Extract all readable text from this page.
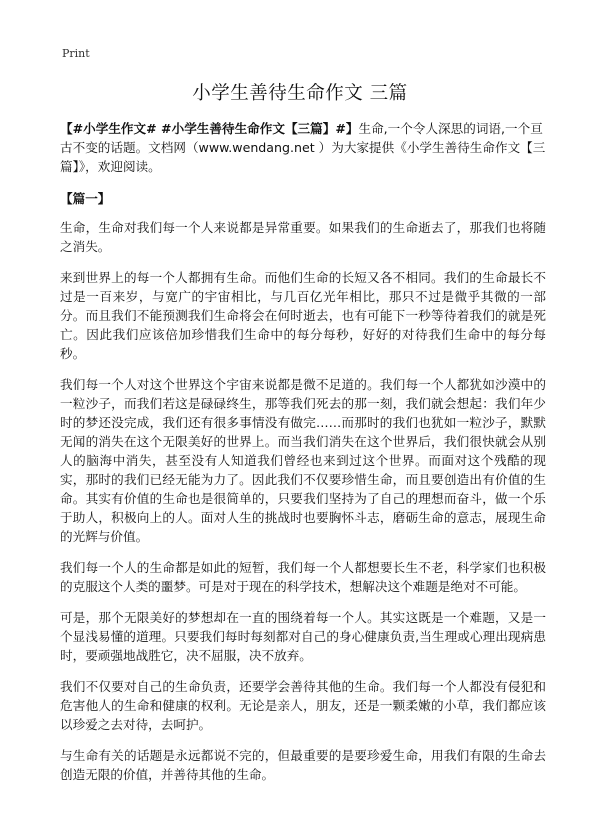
Print
小学生善待生命作文 三篇

【#小学生作文# #小学生善待生命作文【三篇】#】生命,一个令人深思的词语,一个亘古不变的话题。文档网（www.wendang.net ）为大家提供《小学生善待生命作文【三篇】》，欢迎阅读。

【篇一】

生命，生命对我们每一个人来说都是异常重要。如果我们的生命逝去了，那我们也将随之消失。

来到世界上的每一个人都拥有生命。而他们生命的长短又各不相同。我们的生命最长不过是一百来岁，与宽广的宇宙相比，与几百亿光年相比，那只不过是微乎其微的一部分。而且我们不能预测我们生命将会在何时逝去，也有可能下一秒等待着我们的就是死亡。因此我们应该倍加珍惜我们生命中的每分每秒，好好的对待我们生命中的每分每秒。

我们每一个人对这个世界这个宇宙来说都是微不足道的。我们每一个人都犹如沙漠中的一粒沙子，而我们若这是碌碌终生，那等我们死去的那一刻，我们就会想起：我们年少时的梦还没完成，我们还有很多事情没有做完……而那时的我们也犹如一粒沙子，默默无闻的消失在这个无限美好的世界上。而当我们消失在这个世界后，我们很快就会从别人的脑海中消失，甚至没有人知道我们曾经也来到过这个世界。而面对这个残酷的现实，那时的我们已经无能为力了。因此我们不仅要珍惜生命，而且要创造出有价值的生命。其实有价值的生命也是很简单的，只要我们坚持为了自己的理想而奋斗，做一个乐于助人，积极向上的人。面对人生的挑战时也要胸怀斗志，磨砺生命的意志，展现生命的光辉与价值。

我们每一个人的生命都是如此的短暂，我们每一个人都想要长生不老，科学家们也积极的克服这个人类的噩梦。可是对于现在的科学技术，想解决这个难题是绝对不可能。

可是，那个无限美好的梦想却在一直的围绕着每一个人。其实这既是一个难题，又是一个显浅易懂的道理。只要我们每时每刻都对自己的身心健康负责,当生理或心理出现病患时，要顽强地战胜它，决不屈服，决不放弃。

我们不仅要对自己的生命负责，还要学会善待其他的生命。我们每一个人都没有侵犯和危害他人的生命和健康的权利。无论是亲人，朋友，还是一颗柔嫩的小草，我们都应该以珍爱之去对待，去呵护。

与生命有关的话题是永远都说不完的，但最重要的是要珍爱生命，用我们有限的生命去创造无限的价值，并善待其他的生命。
